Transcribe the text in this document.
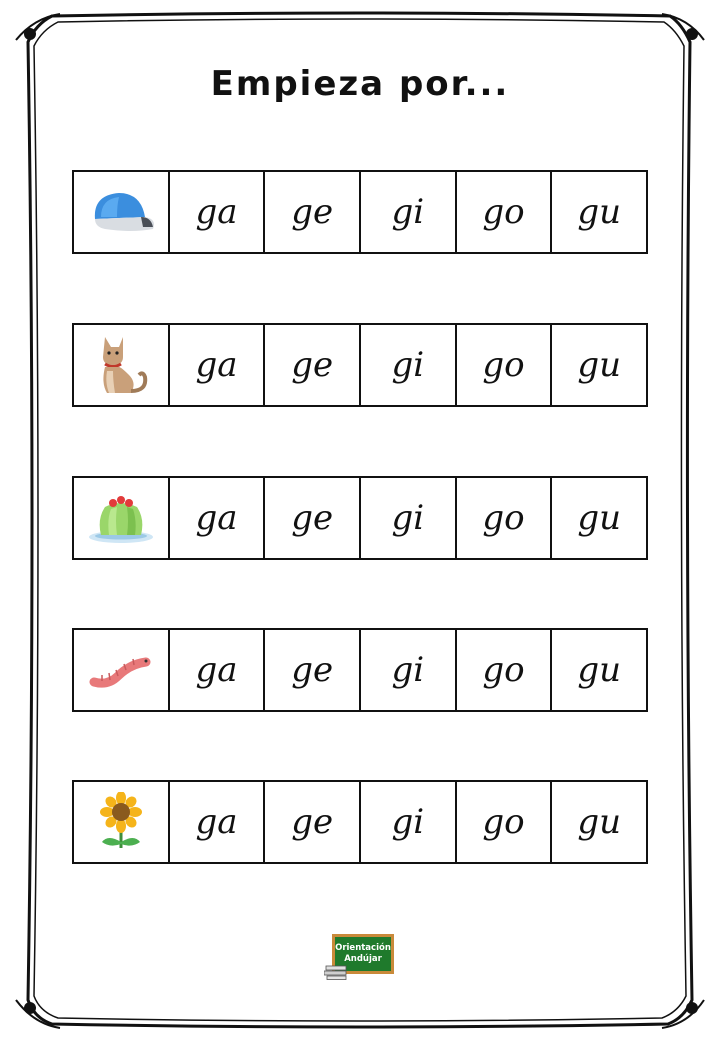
Empieza por...
ga ge gi go gu
ga ge gi go gu
ga ge gi go gu
ga ge gi go gu
ga ge gi go gu
Orientación
Andújar
